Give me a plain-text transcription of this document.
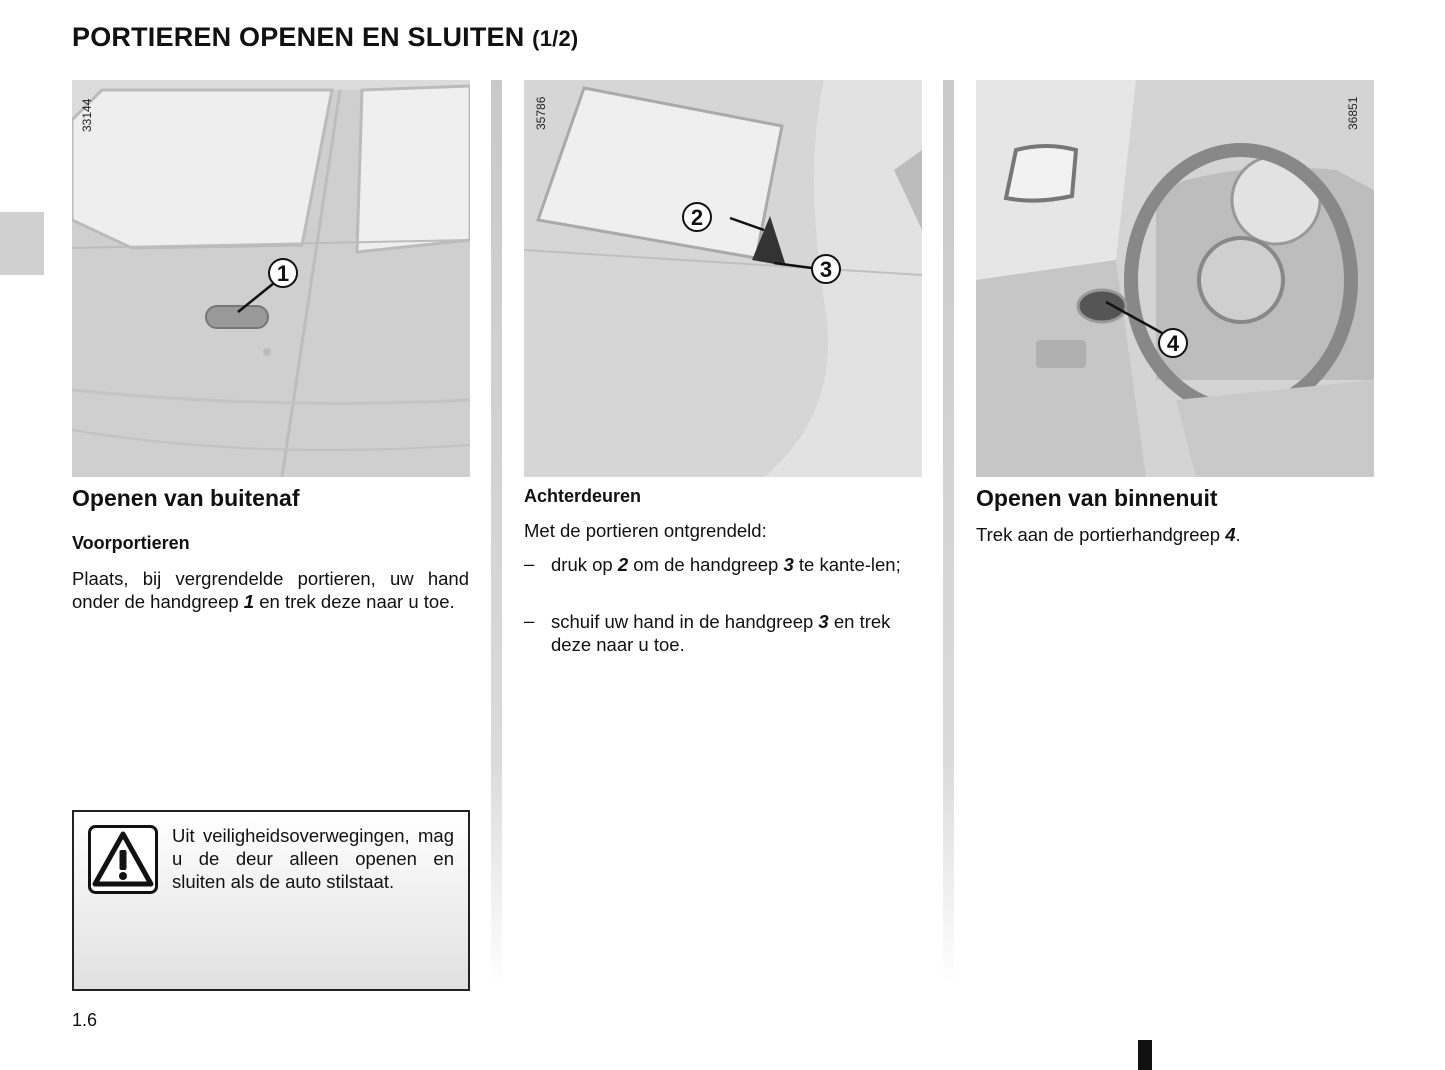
PORTIEREN OPENEN EN SLUITEN (1/2)
1
33144
2
3
35786
4
36851
Openen van buitenaf
Voorportieren
Plaats, bij vergrendelde portieren, uw hand onder de handgreep 1 en trek deze naar u toe.
Achterdeuren
Met de portieren ontgrendeld:
– druk op 2 om de handgreep 3 te kante-len;
– schuif uw hand in de handgreep 3 en trek deze naar u toe.
Openen van binnenuit
Trek aan de portierhandgreep 4.
Uit veiligheidsoverwegingen, mag u de deur alleen openen en sluiten als de auto stilstaat.
1.6
